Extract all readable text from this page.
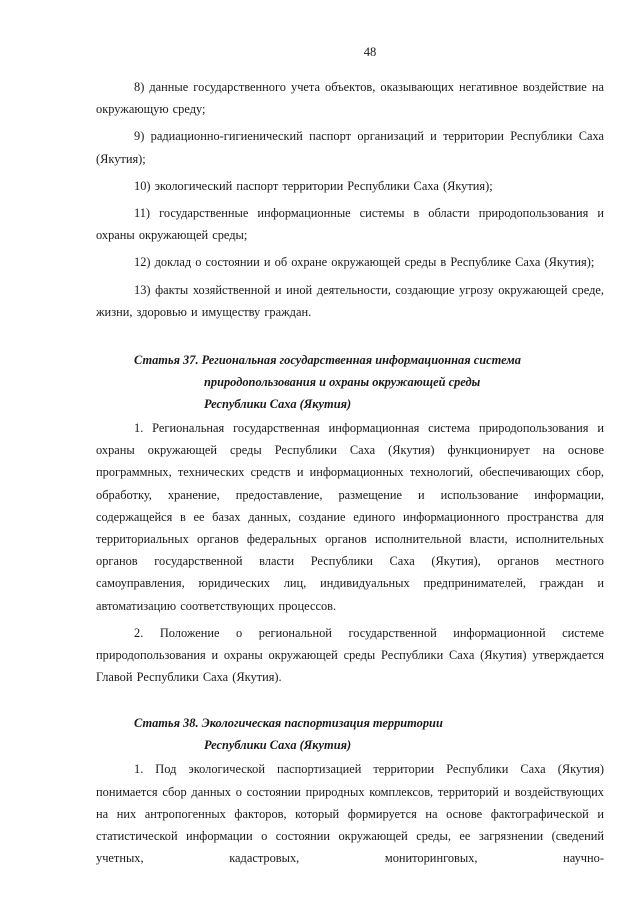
48

8) данные государственного учета объектов, оказывающих негативное воздействие на окружающую среду;

9) радиационно-гигиенический паспорт организаций и территории Республики Саха (Якутия);

10) экологический паспорт территории Республики Саха (Якутия);

11) государственные информационные системы в области природопользования и охраны окружающей среды;

12) доклад о состоянии и об охране окружающей среды в Республике Саха (Якутия);

13) факты хозяйственной и иной деятельности, создающие угрозу окружающей среде, жизни, здоровью и имуществу граждан.

Статья 37. Региональная государственная информационная система
природопользования и охраны окружающей среды
Республики Саха (Якутия)

1. Региональная государственная информационная система природопользования и охраны окружающей среды Республики Саха (Якутия) функционирует на основе программных, технических средств и информационных технологий, обеспечивающих сбор, обработку, хранение, предоставление, размещение и использование информации, содержащейся в ее базах данных, создание единого информационного пространства для территориальных органов федеральных органов исполнительной власти, исполнительных органов государственной власти Республики Саха (Якутия), органов местного самоуправления, юридических лиц, индивидуальных предпринимателей, граждан и автоматизацию соответствующих процессов.

2. Положение о региональной государственной информационной системе природопользования и охраны окружающей среды Республики Саха (Якутия) утверждается Главой Республики Саха (Якутия).

Статья 38. Экологическая паспортизация территории
Республики Саха (Якутия)

1. Под экологической паспортизацией территории Республики Саха (Якутия) понимается сбор данных о состоянии природных комплексов, территорий и воздействующих на них антропогенных факторов, который формируется на основе фактографической и статистической информации о состоянии окружающей среды, ее загрязнении (сведений учетных, кадастровых, мониторинговых, научно-
